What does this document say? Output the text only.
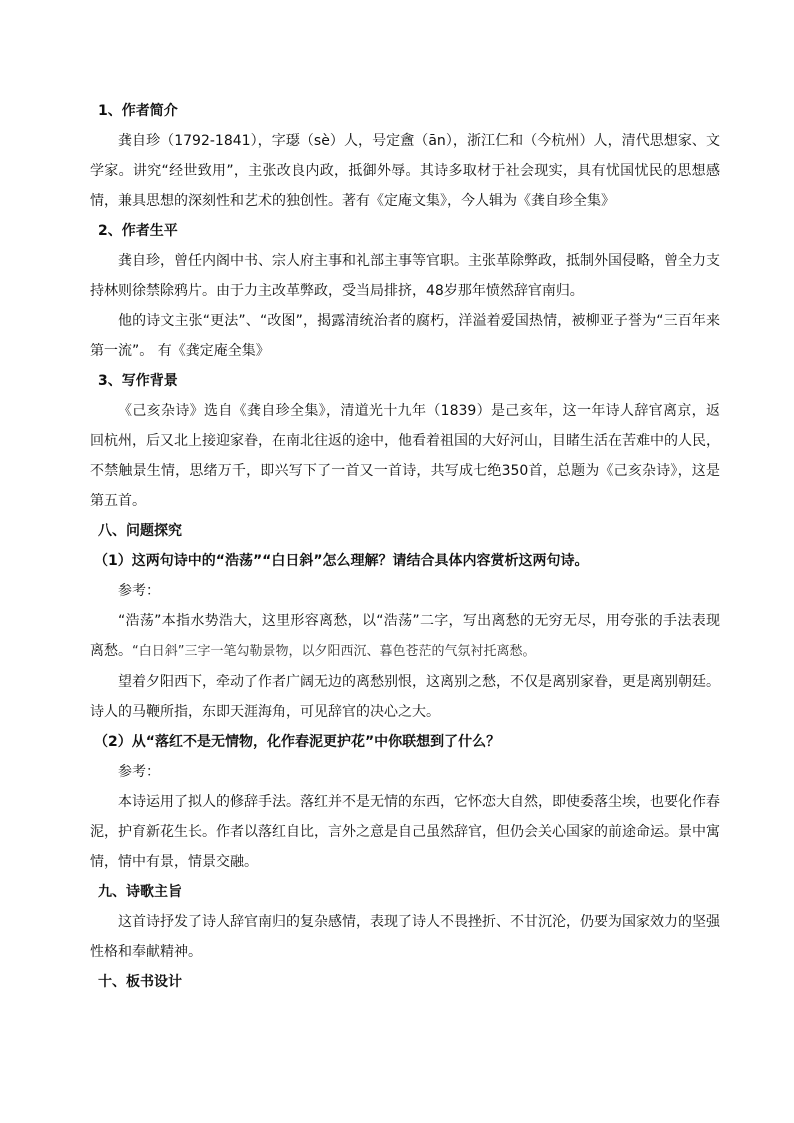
1、作者简介
龚自珍（1792-1841），字璱（sè）人，号定盦（ān），浙江仁和（今杭州）人，清代思想家、文学家。讲究“经世致用”，主张改良内政，抵御外辱。其诗多取材于社会现实，具有忧国忧民的思想感情，兼具思想的深刻性和艺术的独创性。著有《定庵文集》，今人辑为《龚自珍全集》
2、作者生平
龚自珍，曾任内阁中书、宗人府主事和礼部主事等官职。主张革除弊政，抵制外国侵略，曾全力支持林则徐禁除鸦片。由于力主改革弊政，受当局排挤，48岁那年愤然辞官南归。
他的诗文主张“更法”、“改图”，揭露清统治者的腐朽，洋溢着爱国热情，被柳亚子誉为“三百年来第一流”。 有《龚定庵全集》
3、写作背景
《己亥杂诗》选自《龚自珍全集》，清道光十九年（1839）是己亥年，这一年诗人辞官离京，返回杭州，后又北上接迎家眷，在南北往返的途中，他看着祖国的大好河山，目睹生活在苦难中的人民，不禁触景生情，思绪万千，即兴写下了一首又一首诗，共写成七绝350首，总题为《己亥杂诗》，这是第五首。
八、问题探究
（1）这两句诗中的“浩荡”“白日斜”怎么理解？请结合具体内容赏析这两句诗。
参考：
“浩荡”本指水势浩大，这里形容离愁，以“浩荡”二字，写出离愁的无穷无尽，用夸张的手法表现离愁。“白日斜”三字一笔勾勒景物，以夕阳西沉、暮色苍茫的气氛衬托离愁。
望着夕阳西下，牵动了作者广阔无边的离愁别恨，这离别之愁，不仅是离别家眷，更是离别朝廷。诗人的马鞭所指，东即天涯海角，可见辞官的决心之大。
（2）从“落红不是无情物，化作春泥更护花”中你联想到了什么？
参考：
本诗运用了拟人的修辞手法。落红并不是无情的东西，它怀恋大自然，即使委落尘埃，也要化作春泥，护育新花生长。作者以落红自比，言外之意是自己虽然辞官，但仍会关心国家的前途命运。景中寓情，情中有景，情景交融。
九、诗歌主旨
这首诗抒发了诗人辞官南归的复杂感情，表现了诗人不畏挫折、不甘沉沦，仍要为国家效力的坚强性格和奉献精神。
十、板书设计
